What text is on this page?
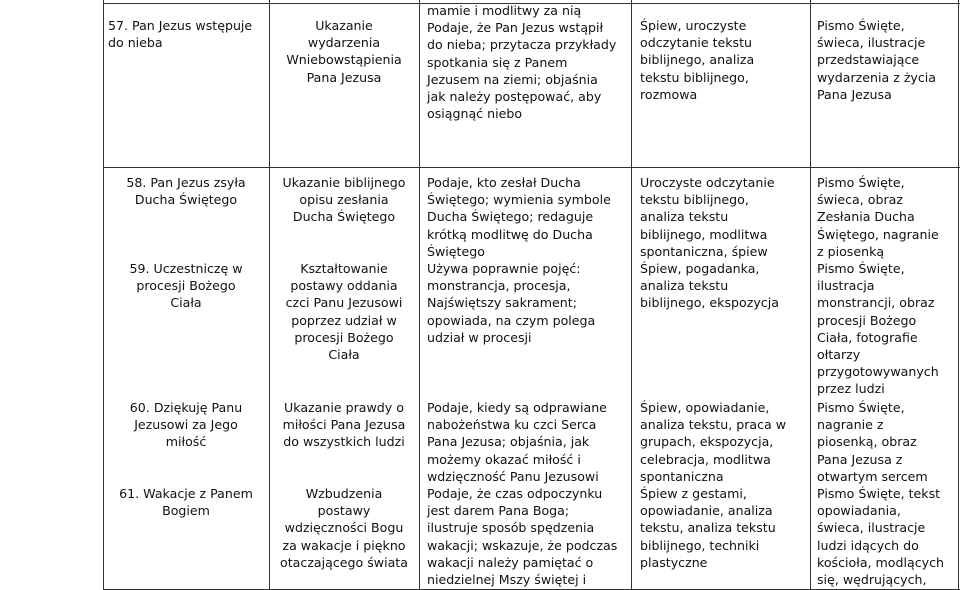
57. Pan Jezus wstępuje
do nieba
Ukazanie
wydarzenia
Wniebowstąpienia
Pana Jezusa
mamie i modlitwy za nią
Podaje, że Pan Jezus wstąpił
do nieba; przytacza przykłady
spotkania się z Panem
Jezusem na ziemi; objaśnia
jak należy postępować, aby
osiągnąć niebo
Śpiew, uroczyste
odczytanie tekstu
biblijnego, analiza
tekstu biblijnego,
rozmowa
Pismo Święte,
świeca, ilustracje
przedstawiające
wydarzenia z życia
Pana Jezusa
58. Pan Jezus zsyła
Ducha Świętego
Ukazanie biblijnego
opisu zesłania
Ducha Świętego
Podaje, kto zesłał Ducha
Świętego; wymienia symbole
Ducha Świętego; redaguje
krótką modlitwę do Ducha
Świętego
Uroczyste odczytanie
tekstu biblijnego,
analiza tekstu
biblijnego, modlitwa
spontaniczna, śpiew
Pismo Święte,
świeca, obraz
Zesłania Ducha
Świętego, nagranie
z piosenką
59. Uczestniczę w
procesji Bożego
Ciała
Kształtowanie
postawy oddania
czci Panu Jezusowi
poprzez udział w
procesji Bożego
Ciała
Używa poprawnie pojęć:
monstrancja, procesja,
Najświętszy sakrament;
opowiada, na czym polega
udział w procesji
Śpiew, pogadanka,
analiza tekstu
biblijnego, ekspozycja
Pismo Święte,
ilustracja
monstrancji, obraz
procesji Bożego
Ciała, fotografie
ołtarzy
przygotowywanych
przez ludzi
60. Dziękuję Panu
Jezusowi za Jego
miłość
Ukazanie prawdy o
miłości Pana Jezusa
do wszystkich ludzi
Podaje, kiedy są odprawiane
nabożeństwa ku czci Serca
Pana Jezusa; objaśnia, jak
możemy okazać miłość i
wdzięczność Panu Jezusowi
Śpiew, opowiadanie,
analiza tekstu, praca w
grupach, ekspozycja,
celebracja, modlitwa
spontaniczna
Pismo Święte,
nagranie z
piosenką, obraz
Pana Jezusa z
otwartym sercem
61. Wakacje z Panem
Bogiem
Wzbudzenia
postawy
wdzięczności Bogu
za wakacje i piękno
otaczającego świata
Podaje, że czas odpoczynku
jest darem Pana Boga;
ilustruje sposób spędzenia
wakacji; wskazuje, że podczas
wakacji należy pamiętać o
niedzielnej Mszy świętej i
Śpiew z gestami,
opowiadanie, analiza
tekstu, analiza tekstu
biblijnego, techniki
plastyczne
Pismo Święte, tekst
opowiadania,
świeca, ilustracje
ludzi idących do
kościoła, modlących
się, wędrujących,
